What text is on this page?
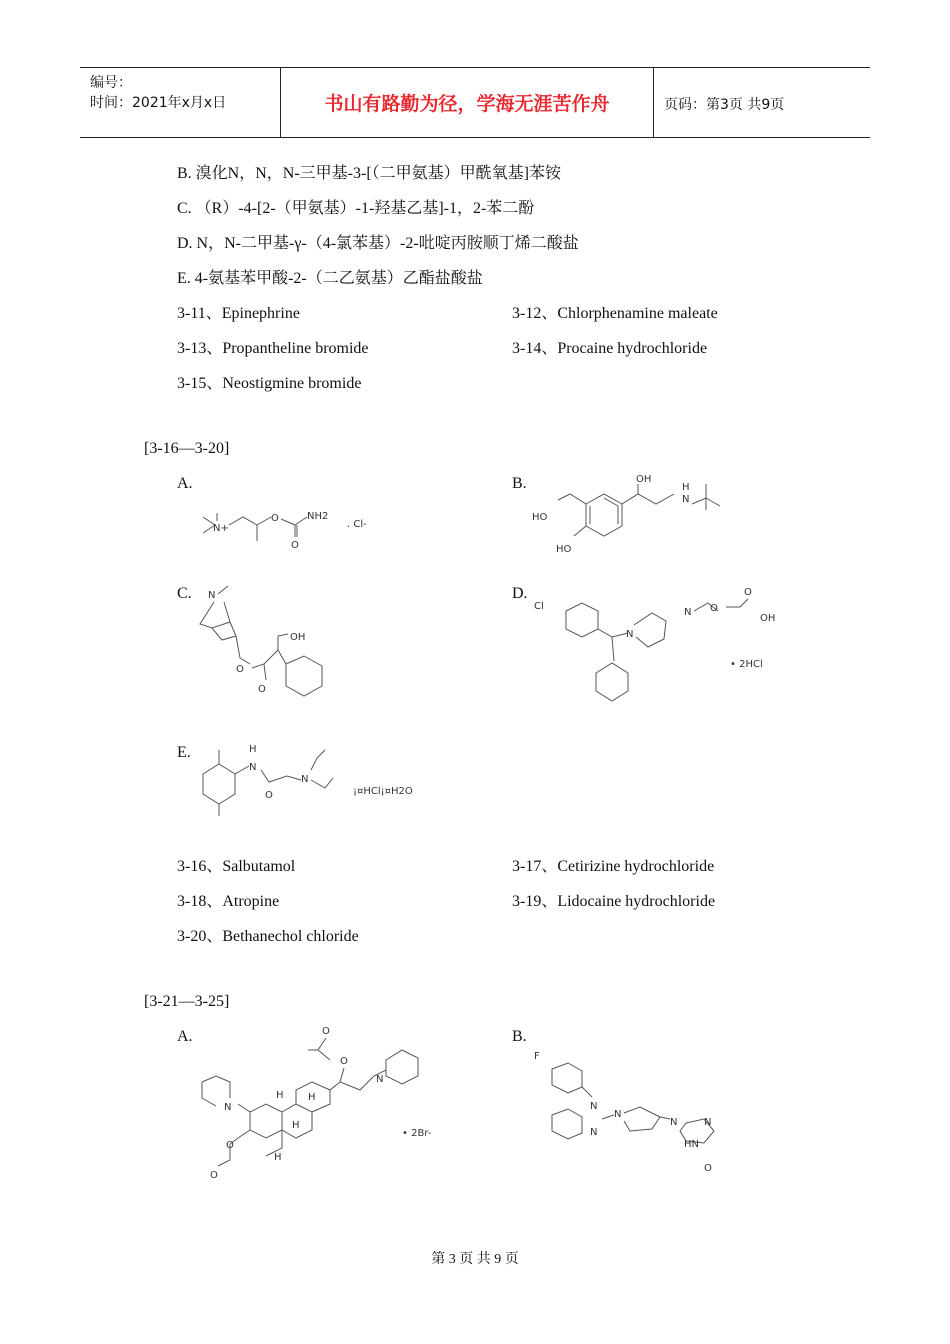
编号：
时间：2021年x月x日	书山有路勤为径，学海无涯苦作舟	页码：第3页 共9页
B. 溴化N，N，N-三甲基-3-[（二甲氨基）甲酰氧基]苯铵
C. （R）-4-[2-（甲氨基）-1-羟基乙基]-1，2-苯二酚
D. N，N-二甲基-γ-（4-氯苯基）-2-吡啶丙胺顺丁烯二酸盐
E. 4-氨基苯甲酸-2-（二乙氨基）乙酯盐酸盐
3-11、Epinephrine	3-12、Chlorphenamine maleate
3-13、Propantheline bromide	3-14、Procaine hydrochloride
3-15、Neostigmine bromide
[3-16—3-20]
A.
N+
O
O
NH2
. Cl-
B.	OH
HO
H
N
HO
C. N
O
OH
O
D.
Cl
N
N O
O
OH
• 2HCl
E.	H
N
O
N
¡¤HCl¡¤H2O
3-16、Salbutamol	3-17、Cetirizine hydrochloride
3-18、Atropine	3-19、Lidocaine hydrochloride
3-20、Bethanechol chloride
[3-21—3-25]
A.	O
O
N
N
H H
H
H
O
O
• 2Br-
B.
F
N
N
N
N	N
HN
O
第 3 页 共 9 页
